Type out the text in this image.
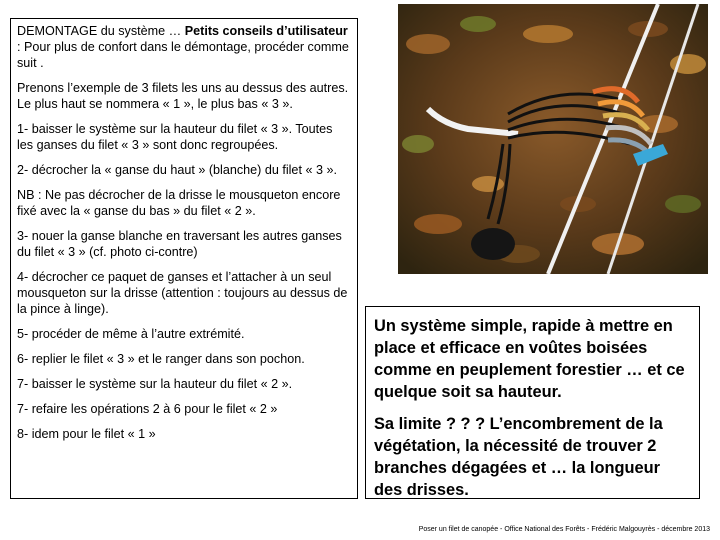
DEMONTAGE du système … Petits conseils d’utilisateur : Pour plus de confort dans le démontage, procéder comme suit .

Prenons l’exemple de 3 filets les uns au dessus des autres. Le plus haut se nommera « 1 », le plus bas « 3 ».

1- baisser le système sur la hauteur du filet « 3 ». Toutes les ganses du filet « 3 » sont donc regroupées.

2- décrocher la « ganse du haut » (blanche) du filet « 3 ».

NB : Ne pas décrocher de la drisse le mousqueton encore fixé avec la « ganse du bas » du filet « 2 ».

3- nouer la ganse blanche en traversant les autres ganses du filet « 3 » (cf. photo ci-contre)

4- décrocher ce paquet de ganses et l’attacher à un seul mousqueton sur la drisse (attention : toujours au dessus de la pince à linge).

5- procéder de même à l’autre extrémité.

6- replier le filet « 3 » et le ranger dans son pochon.

7- baisser le système sur la hauteur du filet « 2 ».

7- refaire les opérations 2 à 6 pour le filet « 2 »

8- idem pour le filet « 1 »

Un système simple, rapide à mettre en place et efficace en voûtes boisées comme en peuplement forestier … et ce quelque soit sa hauteur.

Sa limite ? ? ? L’encombrement de la végétation, la nécessité de trouver 2 branches dégagées et … la longueur des drisses.

Poser un filet de canopée - Office National des Forêts - Frédéric Malgouyrès - décembre 2013
